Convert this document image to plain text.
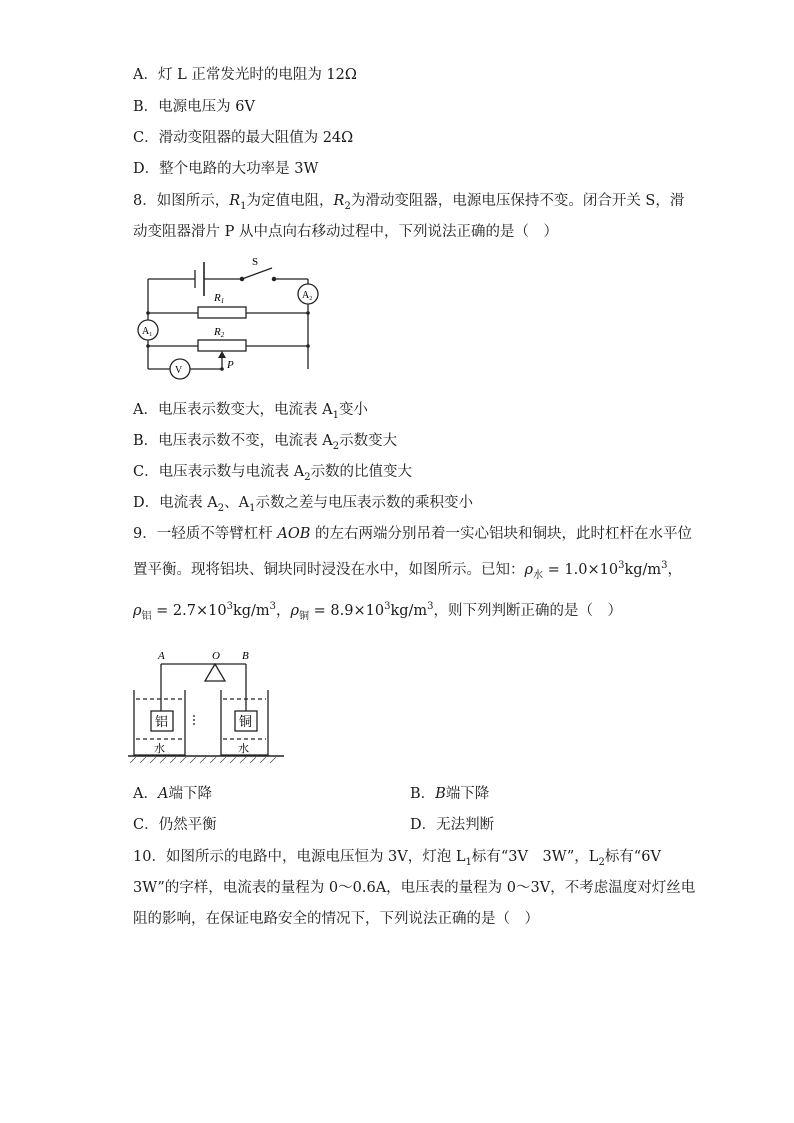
A．灯 L 正常发光时的电阻为 12Ω
B．电源电压为 6V
C．滑动变阻器的最大阻值为 24Ω
D．整个电路的大功率是 3W
8．如图所示，$R_1$为定值电阻，$R_2$为滑动变阻器，电源电压保持不变。闭合开关 S，滑
动变阻器滑片 P 从中点向右移动过程中，下列说法正确的是（　）
S
R1
R2
$A_2$
$A_1$
V	P
A．电压表示数变大，电流表 $A_1$变小
B．电压表示数不变，电流表 $A_2$示数变大
C．电压表示数与电流表 $A_2$示数的比值变大
D．电流表 $A_2$、$A_1$示数之差与电压表示数的乘积变小
9．一轻质不等臂杠杆 AOB 的左右两端分别吊着一实心铝块和铜块，此时杠杆在水平位
置平衡。现将铝块、铜块同时浸没在水中，如图所示。已知：$\rho_水 = 1.0\times 10^3kg/m^3$，
$\rho_铝 = 2.7\times 10^3kg/m^3$，$\rho_铜 = 8.9\times 10^3kg/m^3$，则下列判断正确的是（　）
A	O B
铝	铜
水	水
A．A端下降	B．B端下降
C．仍然平衡	D．无法判断
10．如图所示的电路中，电源电压恒为 3V，灯泡 $L_1$标有“3V　3W”，$L_2$标有“6V
3W”的字样，电流表的量程为 0～0.6A，电压表的量程为 0～3V，不考虑温度对灯丝电
阻的影响，在保证电路安全的情况下，下列说法正确的是（　）
